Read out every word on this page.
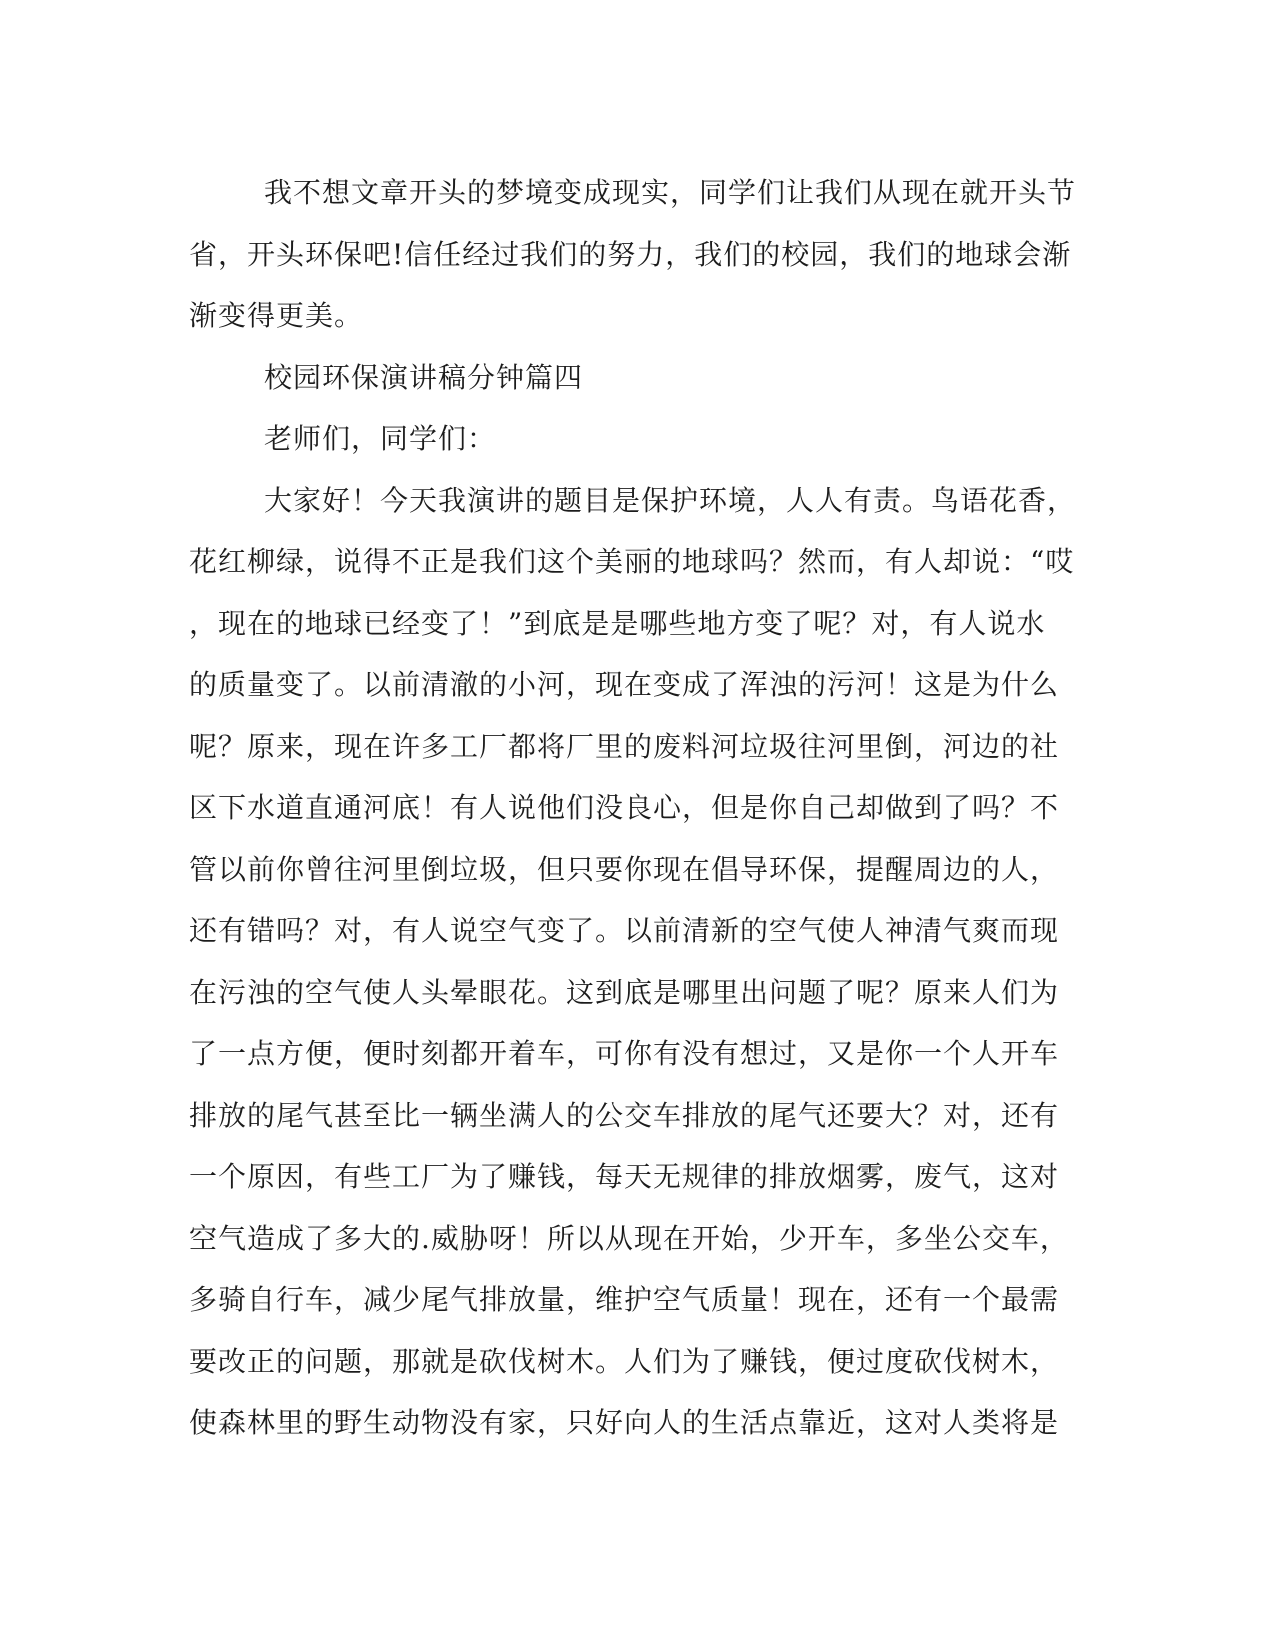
我不想文章开头的梦境变成现实，同学们让我们从现在就开头节
省，开头环保吧!信任经过我们的努力，我们的校园，我们的地球会渐
渐变得更美。
校园环保演讲稿分钟篇四
老师们，同学们：
大家好！今天我演讲的题目是保护环境，人人有责。鸟语花香，
花红柳绿，说得不正是我们这个美丽的地球吗？然而，有人却说：“哎
，现在的地球已经变了！”到底是是哪些地方变了呢？对，有人说水
的质量变了。以前清澈的小河，现在变成了浑浊的污河！这是为什么
呢？原来，现在许多工厂都将厂里的废料河垃圾往河里倒，河边的社
区下水道直通河底！有人说他们没良心，但是你自己却做到了吗？不
管以前你曾往河里倒垃圾，但只要你现在倡导环保，提醒周边的人，
还有错吗？对，有人说空气变了。以前清新的空气使人神清气爽而现
在污浊的空气使人头晕眼花。这到底是哪里出问题了呢？原来人们为
了一点方便，便时刻都开着车，可你有没有想过，又是你一个人开车
排放的尾气甚至比一辆坐满人的公交车排放的尾气还要大？对，还有
一个原因，有些工厂为了赚钱，每天无规律的排放烟雾，废气，这对
空气造成了多大的.威胁呀！所以从现在开始，少开车，多坐公交车，
多骑自行车，减少尾气排放量，维护空气质量！现在，还有一个最需
要改正的问题，那就是砍伐树木。人们为了赚钱，便过度砍伐树木，
使森林里的野生动物没有家，只好向人的生活点靠近，这对人类将是
